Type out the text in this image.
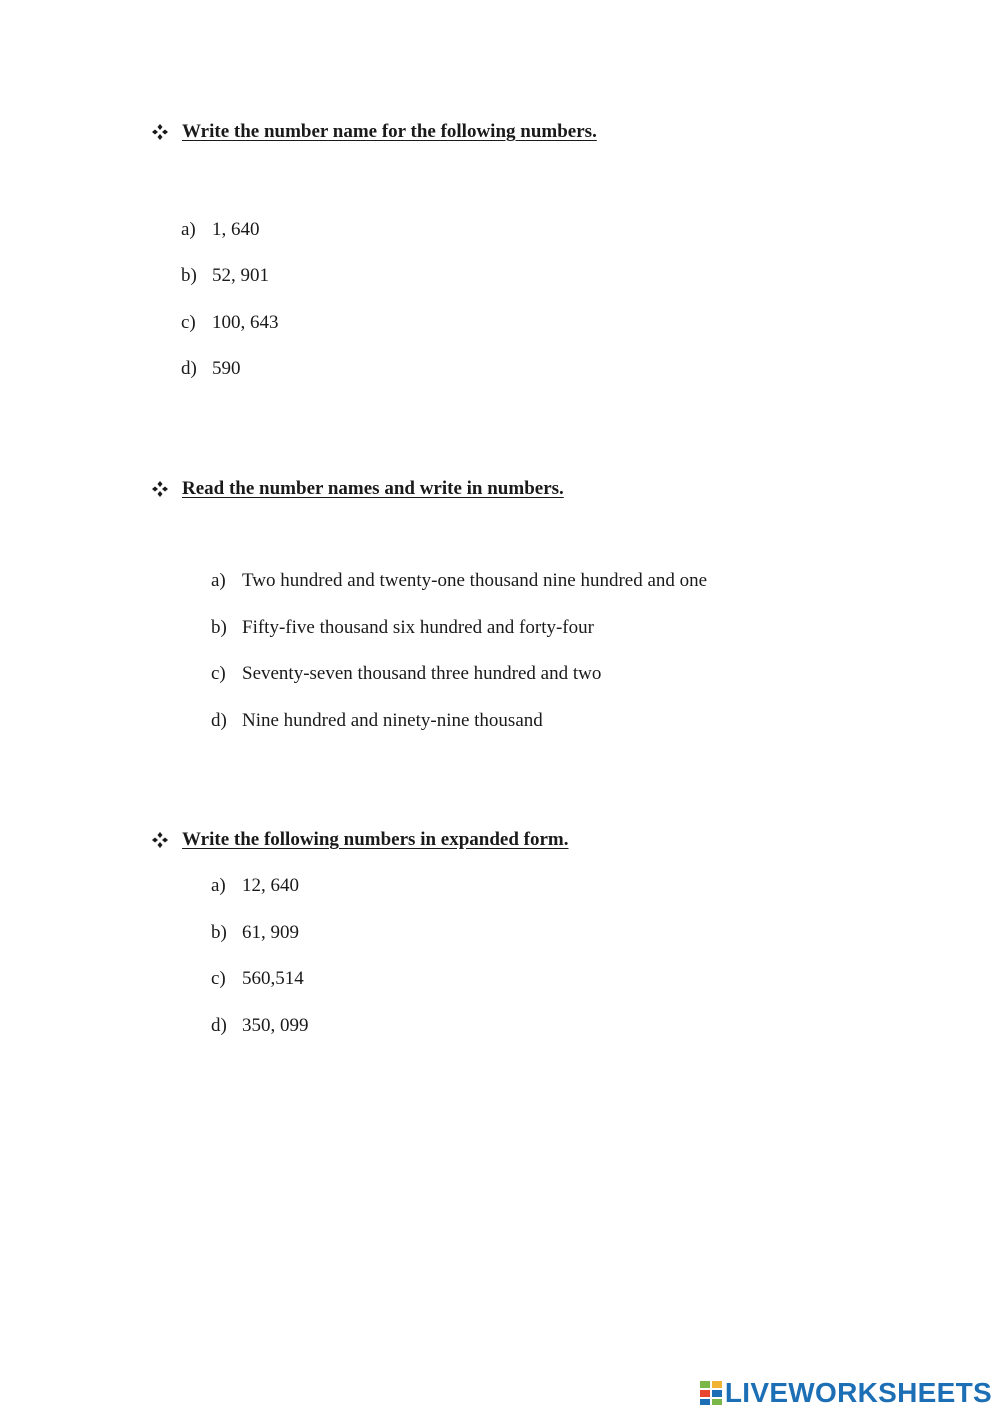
Write the number name for the following numbers.
a) 1, 640
b) 52, 901
c) 100, 643
d) 590
Read the number names and write in numbers.
a) Two hundred and twenty-one thousand nine hundred and one
b) Fifty-five thousand six hundred and forty-four
c) Seventy-seven thousand three hundred and two
d) Nine hundred and ninety-nine thousand
Write the following numbers in expanded form.
a) 12, 640
b) 61, 909
c) 560,514
d) 350, 099
LIVEWORKSHEETS
